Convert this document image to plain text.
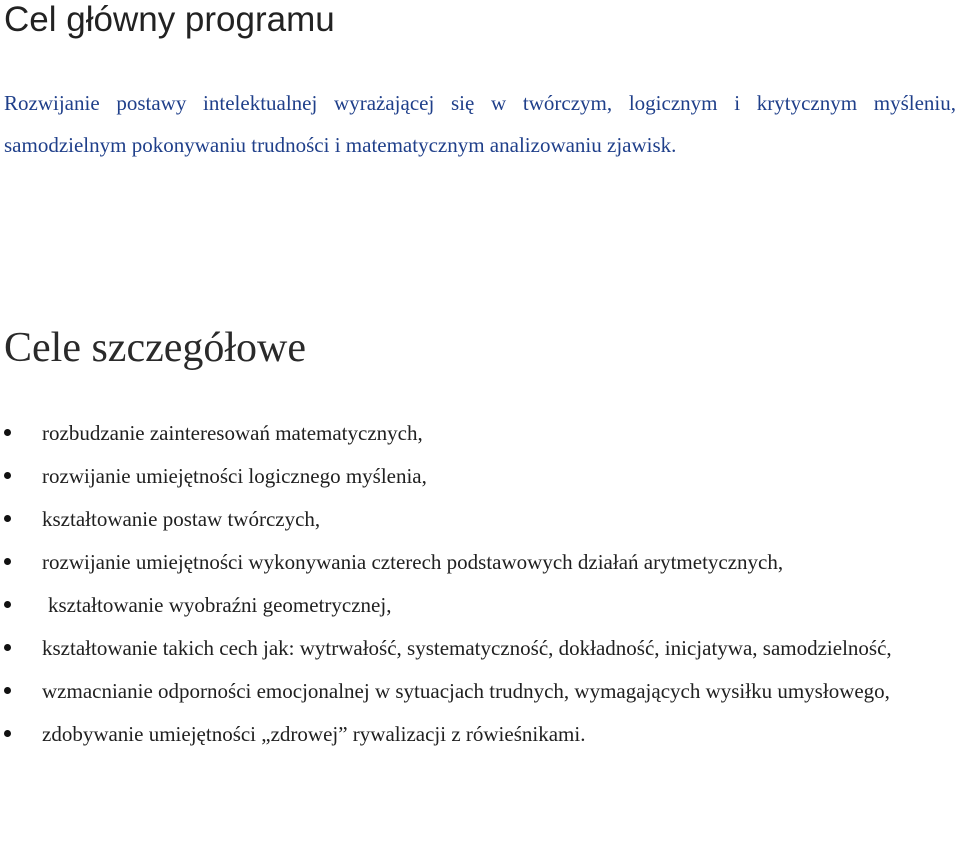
Cel główny programu

Rozwijanie postawy intelektualnej wyrażającej się w twórczym, logicznym i krytycznym myśleniu, samodzielnym pokonywaniu trudności i matematycznym analizowaniu zjawisk.

Cele szczegółowe
rozbudzanie zainteresowań matematycznych,
rozwijanie umiejętności logicznego myślenia,
kształtowanie postaw twórczych,
rozwijanie umiejętności wykonywania czterech podstawowych działań arytmetycznych,
kształtowanie wyobraźni geometrycznej,
kształtowanie takich cech jak: wytrwałość, systematyczność, dokładność, inicjatywa, samodzielność,
wzmacnianie odporności emocjonalnej w sytuacjach trudnych, wymagających wysiłku umysłowego,
zdobywanie umiejętności „zdrowej” rywalizacji z rówieśnikami.
